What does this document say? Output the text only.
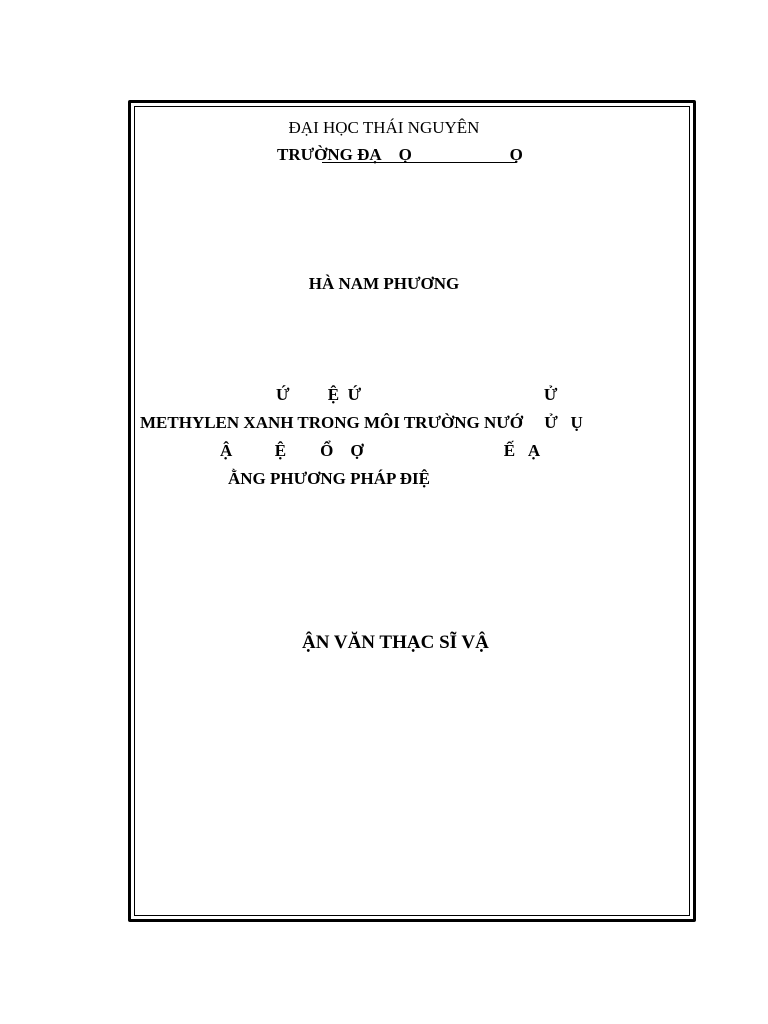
ĐẠI HỌC THÁI NGUYÊN
TRƯỜNG ĐẠ    Ọ                       Ọ
HÀ NAM PHƯƠNG
Ứ         Ệ  Ứ                                           Ử
METHYLEN XANH TRONG MÔI TRƯỜNG NƯỚ     Ử   Ụ
Ậ          Ệ        Ổ    Ợ                                 Ế   Ạ
ẰNG PHƯƠNG PHÁP ĐIỆ
ẬN VĂN THẠC SĨ VẬ
